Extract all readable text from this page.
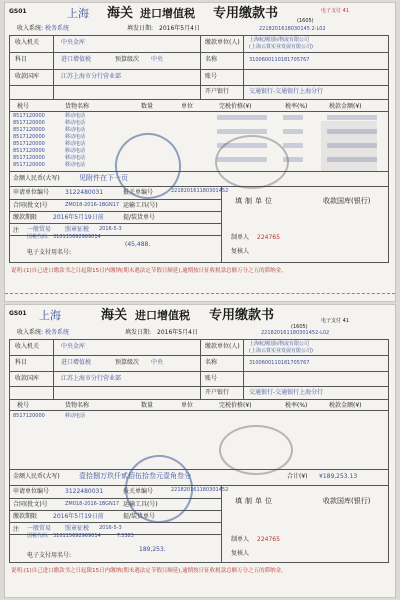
GS01	上海 海关 进口增值税 专用缴款书	电子支付 41
(1605)
收入系统: 税务系统	填发日期: 2016年5月4日	2218201618030145 2-L02
收入机关	中央金库
科目	进口增值税	预算级次 中央
收款国库	江苏上海市分行营业部
缴款单位(人)
名称
上海航测国际物流有限公司
(上海云算实业发展有限公司)
账号
3100600110181705767
开户银行	交通银行-交通银行上海分行
税号	货物名称	数量	单位	完税价格(¥)	税率(%)	税款金额(¥)
8517120000	移动电话
8517120000	移动电话
8517120000	移动电话
8517120000	移动电话
8517120000	移动电话
8517120000	移动电话
8517120000	移动电话
8517120000	移动电话
金额人民币(大写)	见附件在下一页
申请单位编号	3122480031	报关单编号	221820161180301452
合同(批文)号	ZM018-2016-1BGN17 运输工具(号)
缴款期限	2016年5月19日前	提/装货单号
注 一般贸易 照章征税 2016-5-3
国税代码: 310115692969014
(45,488.
电子支付用名号:
填制单位	收款国库(银行)
制单人 224765
复核人
说明:(1)自己进口缴款书之日起限15日内缴纳(期末遇法定节假日顺延),逾期按日征收税款总额万分之五的滞纳金。
GS01 上海	海关 进口增值税 专用缴款书	电子支付 41
(1605)
收入系统: 税务系统	填发日期: 2016年5月4日	221820161180301452-L02
收入机关	中央金库
科目	进口增值税	预算级次 中央
收款国库	江苏上海市分行营业部
缴款单位(人)
名称
上海航测国际物流有限公司
(上海云算实业发展有限公司)
账号
3100600110181705767
开户银行	交通银行-交通银行上海分行
税号	货物名称	数量	单位	完税价格(¥)	税率(%)	税款金额(¥)
8517120000	移动电话
金额人民币(大写)	壹拾捌万玖仟贰佰伍拾叁元壹角叁分	合计(¥) ¥189,253.13
申请单位编号	3122480031	报关单编号	221820161180301452
合同(批文)号	ZM018-2016-1BGN17 运输工具(号)
缴款期限	2016年5月19日前	提/装货单号
注 一般贸易 照章征税 2016-5-3
国税代码: 310115692969014	T.3383
189,253.
电子支付用名号:
填制单位	收款国库(银行)
制单人 224765
复核人
说明:(1)自己进口缴款书之日起限15日内缴纳(期末遇法定节假日顺延),逾期按日征收税款总额万分之五的滞纳金。
